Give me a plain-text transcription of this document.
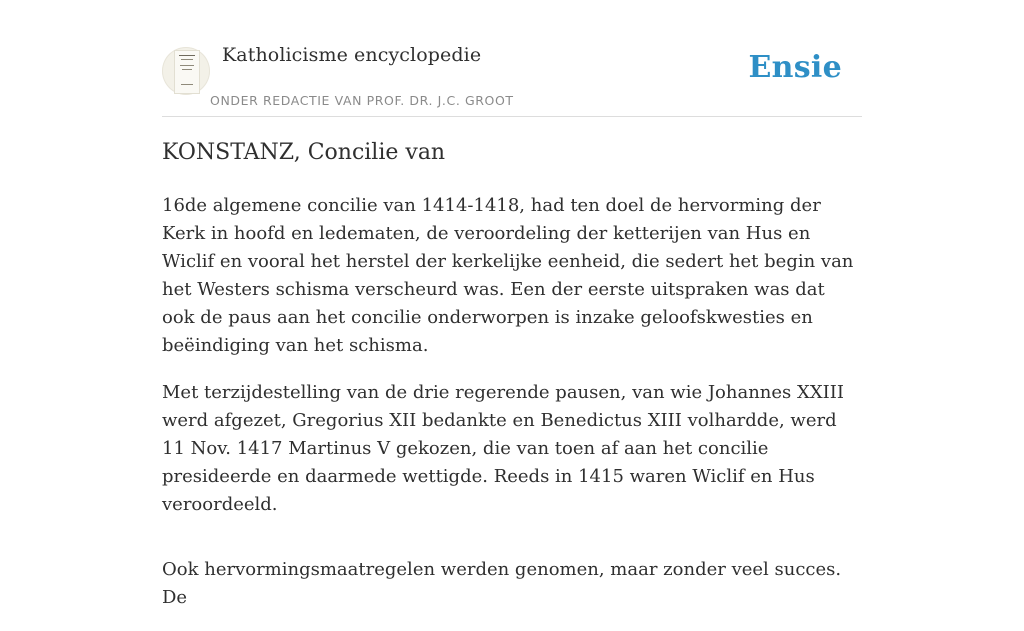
Katholicisme encyclopedie
ONDER REDACTIE VAN PROF. DR. J.C. GROOT
Ensie
KONSTANZ, Concilie van

16de algemene concilie van 1414-1418, had ten doel de hervorming der Kerk in hoofd en ledematen, de veroordeling der ketterijen van Hus en Wiclif en vooral het herstel der kerkelijke eenheid, die sedert het begin van het Westers schisma verscheurd was. Een der eerste uitspraken was dat ook de paus aan het concilie onderworpen is inzake geloofskwesties en beëindiging van het schisma.

Met terzijdestelling van de drie regerende pausen, van wie Johannes XXIII werd afgezet, Gregorius XII bedankte en Benedictus XIII volhardde, werd 11 Nov. 1417 Martinus V gekozen, die van toen af aan het concilie presideerde en daarmede wettigde. Reeds in 1415 waren Wiclif en Hus veroordeeld.

Ook hervormingsmaatregelen werden genomen, maar zonder veel succes. De
